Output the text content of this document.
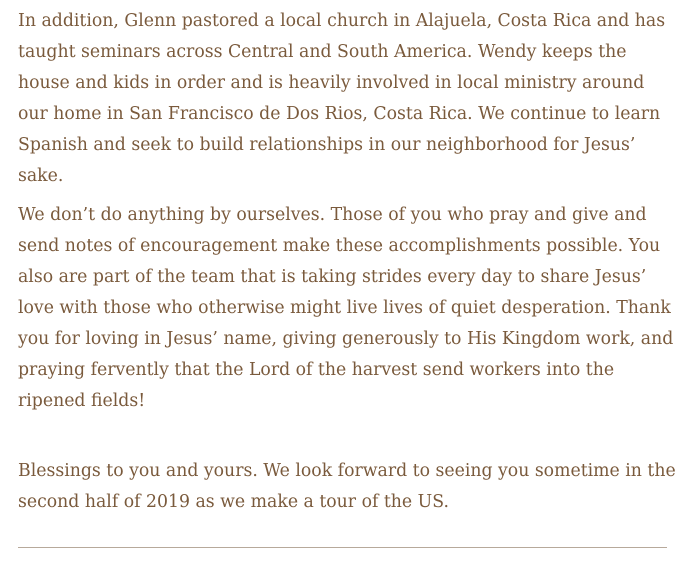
In addition, Glenn pastored a local church in Alajuela, Costa Rica and has taught seminars across Central and South America. Wendy keeps the house and kids in order and is heavily involved in local ministry around our home in San Francisco de Dos Rios, Costa Rica. We continue to learn Spanish and seek to build relationships in our neighborhood for Jesus’ sake.

We don’t do anything by ourselves. Those of you who pray and give and send notes of encouragement make these accomplishments possible. You also are part of the team that is taking strides every day to share Jesus’ love with those who otherwise might live lives of quiet desperation. Thank you for loving in Jesus’ name, giving generously to His Kingdom work, and praying fervently that the Lord of the harvest send workers into the ripened fields!

Blessings to you and yours. We look forward to seeing you sometime in the second half of 2019 as we make a tour of the US.
